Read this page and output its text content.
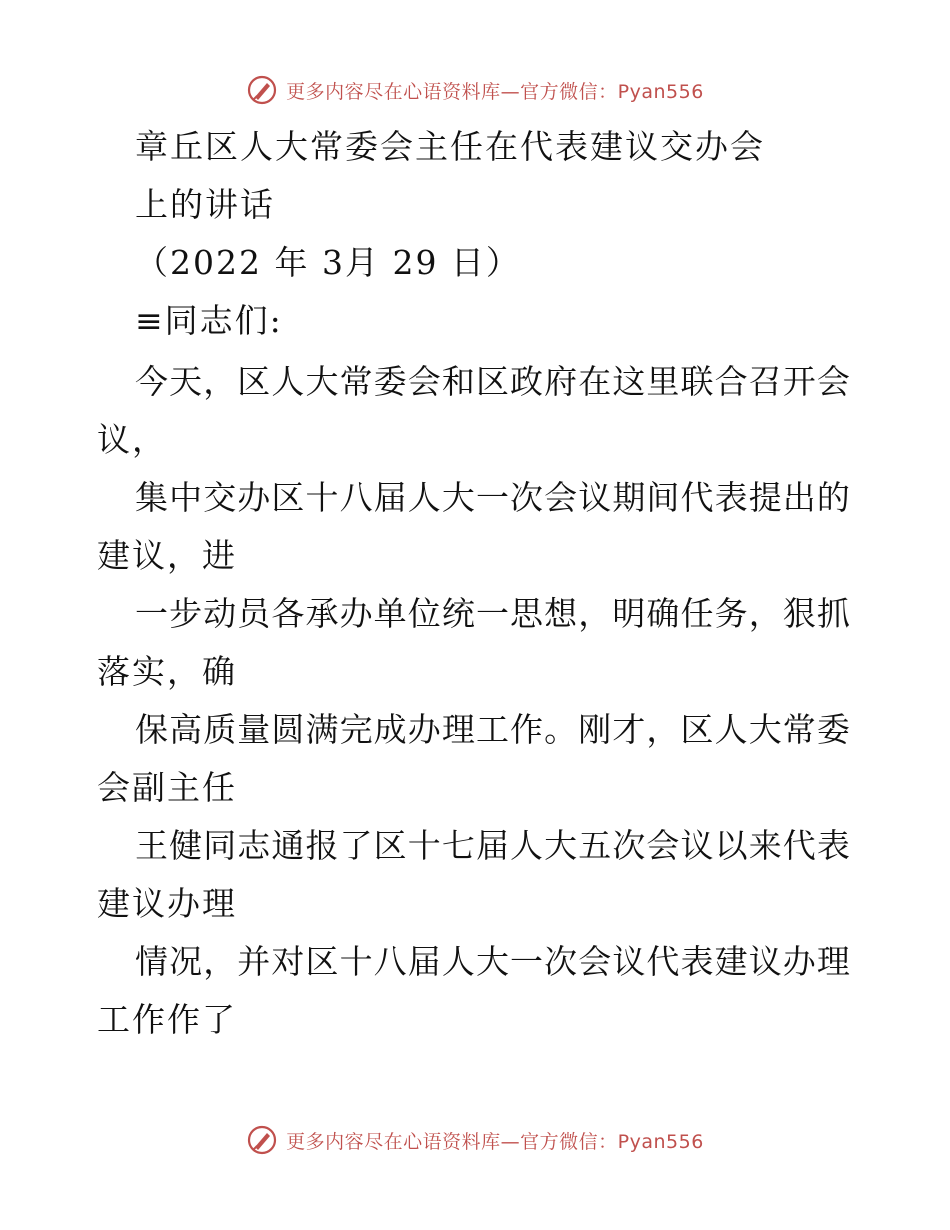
更多内容尽在心语资料库—官方微信：Pyan556
章丘区人大常委会主任在代表建议交办会
上的讲话
（2022 年 3月 29 日）
≡同志们:
今 天 ， 区 人 大 常 委 会 和 区 政 府 在 这 里 联 合 召 开 会
议，
集 中 交 办 区 十 八 届 人 大 一 次 会 议 期 间 代 表 提 出 的
建议，进
一 步 动 员 各 承 办 单 位 统 一 思 想 ， 明 确 任 务 ， 狠 抓
落实，确
保 高 质 量 圆 满 完 成 办 理 工 作 。 刚 才 ， 区 人 大 常 委
会副主任
王 健 同 志 通 报 了 区 十 七 届 人 大 五 次 会 议 以 来 代 表
建议办理
情 况 ， 并 对 区 十 八 届 人 大 一 次 会 议 代 表 建 议 办 理
工作作了
更多内容尽在心语资料库—官方微信：Pyan556
